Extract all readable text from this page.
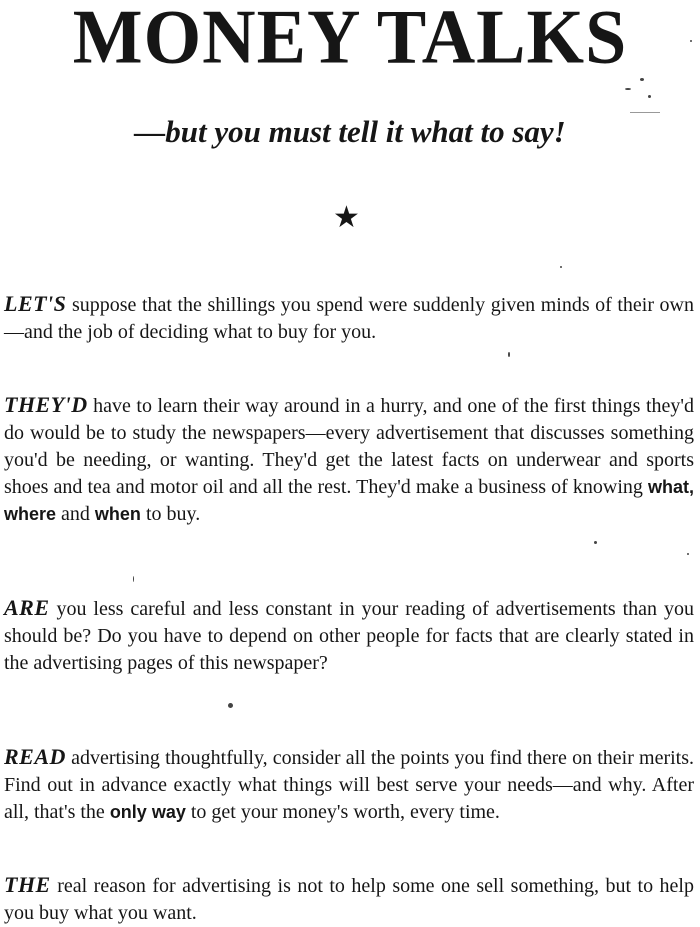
MONEY TALKS
—but you must tell it what to say!
★

LET'S suppose that the shillings you spend were suddenly given minds of their own—and the job of deciding what to buy for you.

THEY'D have to learn their way around in a hurry, and one of the first things they'd do would be to study the newspapers—every advertisement that discusses something you'd be needing, or wanting. They'd get the latest facts on underwear and sports shoes and tea and motor oil and all the rest. They'd make a business of knowing what, where and when to buy.

ARE you less careful and less constant in your reading of advertisements than you should be? Do you have to depend on other people for facts that are clearly stated in the advertising pages of this newspaper?

READ advertising thoughtfully, consider all the points you find there on their merits. Find out in advance exactly what things will best serve your needs—and why. After all, that's the only way to get your money's worth, every time.

THE real reason for advertising is not to help some one sell something, but to help you buy what you want.
